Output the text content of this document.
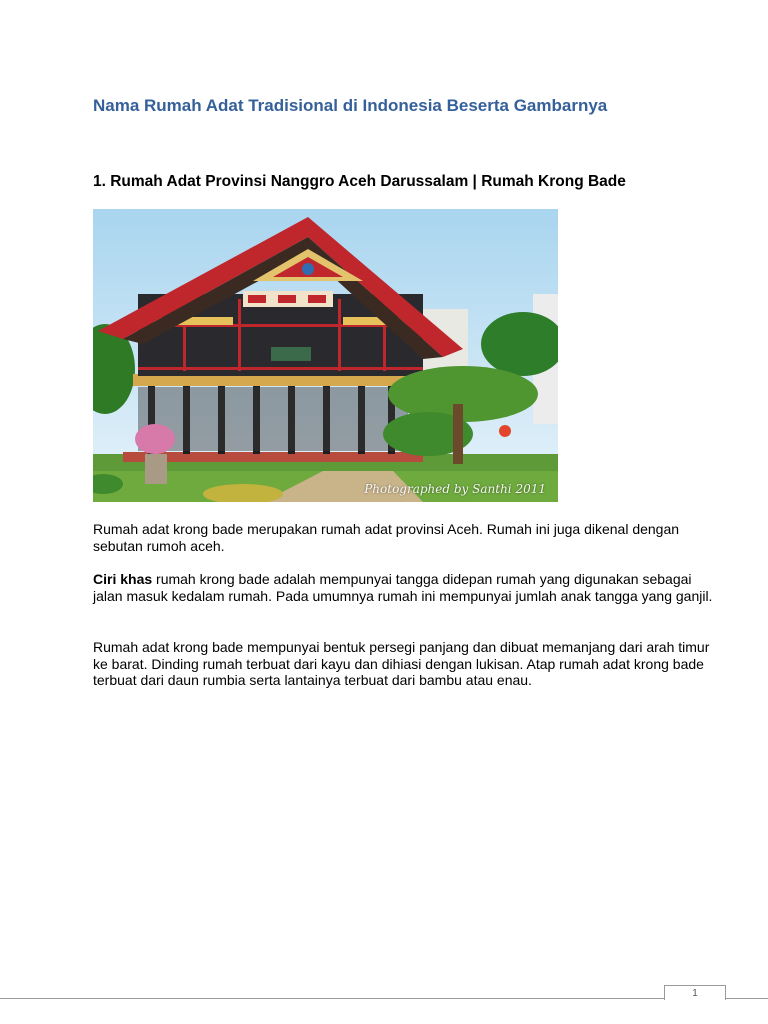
Nama Rumah Adat Tradisional di Indonesia Beserta Gambarnya
1. Rumah Adat Provinsi Nanggro Aceh Darussalam | Rumah Krong Bade
Photographed by Santhi 2011

Rumah adat krong bade merupakan rumah adat provinsi Aceh. Rumah ini juga dikenal dengan sebutan rumoh aceh.

Ciri khas rumah krong bade adalah mempunyai tangga didepan rumah yang digunakan sebagai jalan masuk kedalam rumah. Pada umumnya rumah ini mempunyai jumlah anak tangga yang ganjil.

Rumah adat krong bade mempunyai bentuk persegi panjang dan dibuat memanjang dari arah timur ke barat. Dinding rumah terbuat dari kayu dan dihiasi dengan lukisan. Atap rumah adat krong bade terbuat dari daun rumbia serta lantainya terbuat dari bambu atau enau.

1
